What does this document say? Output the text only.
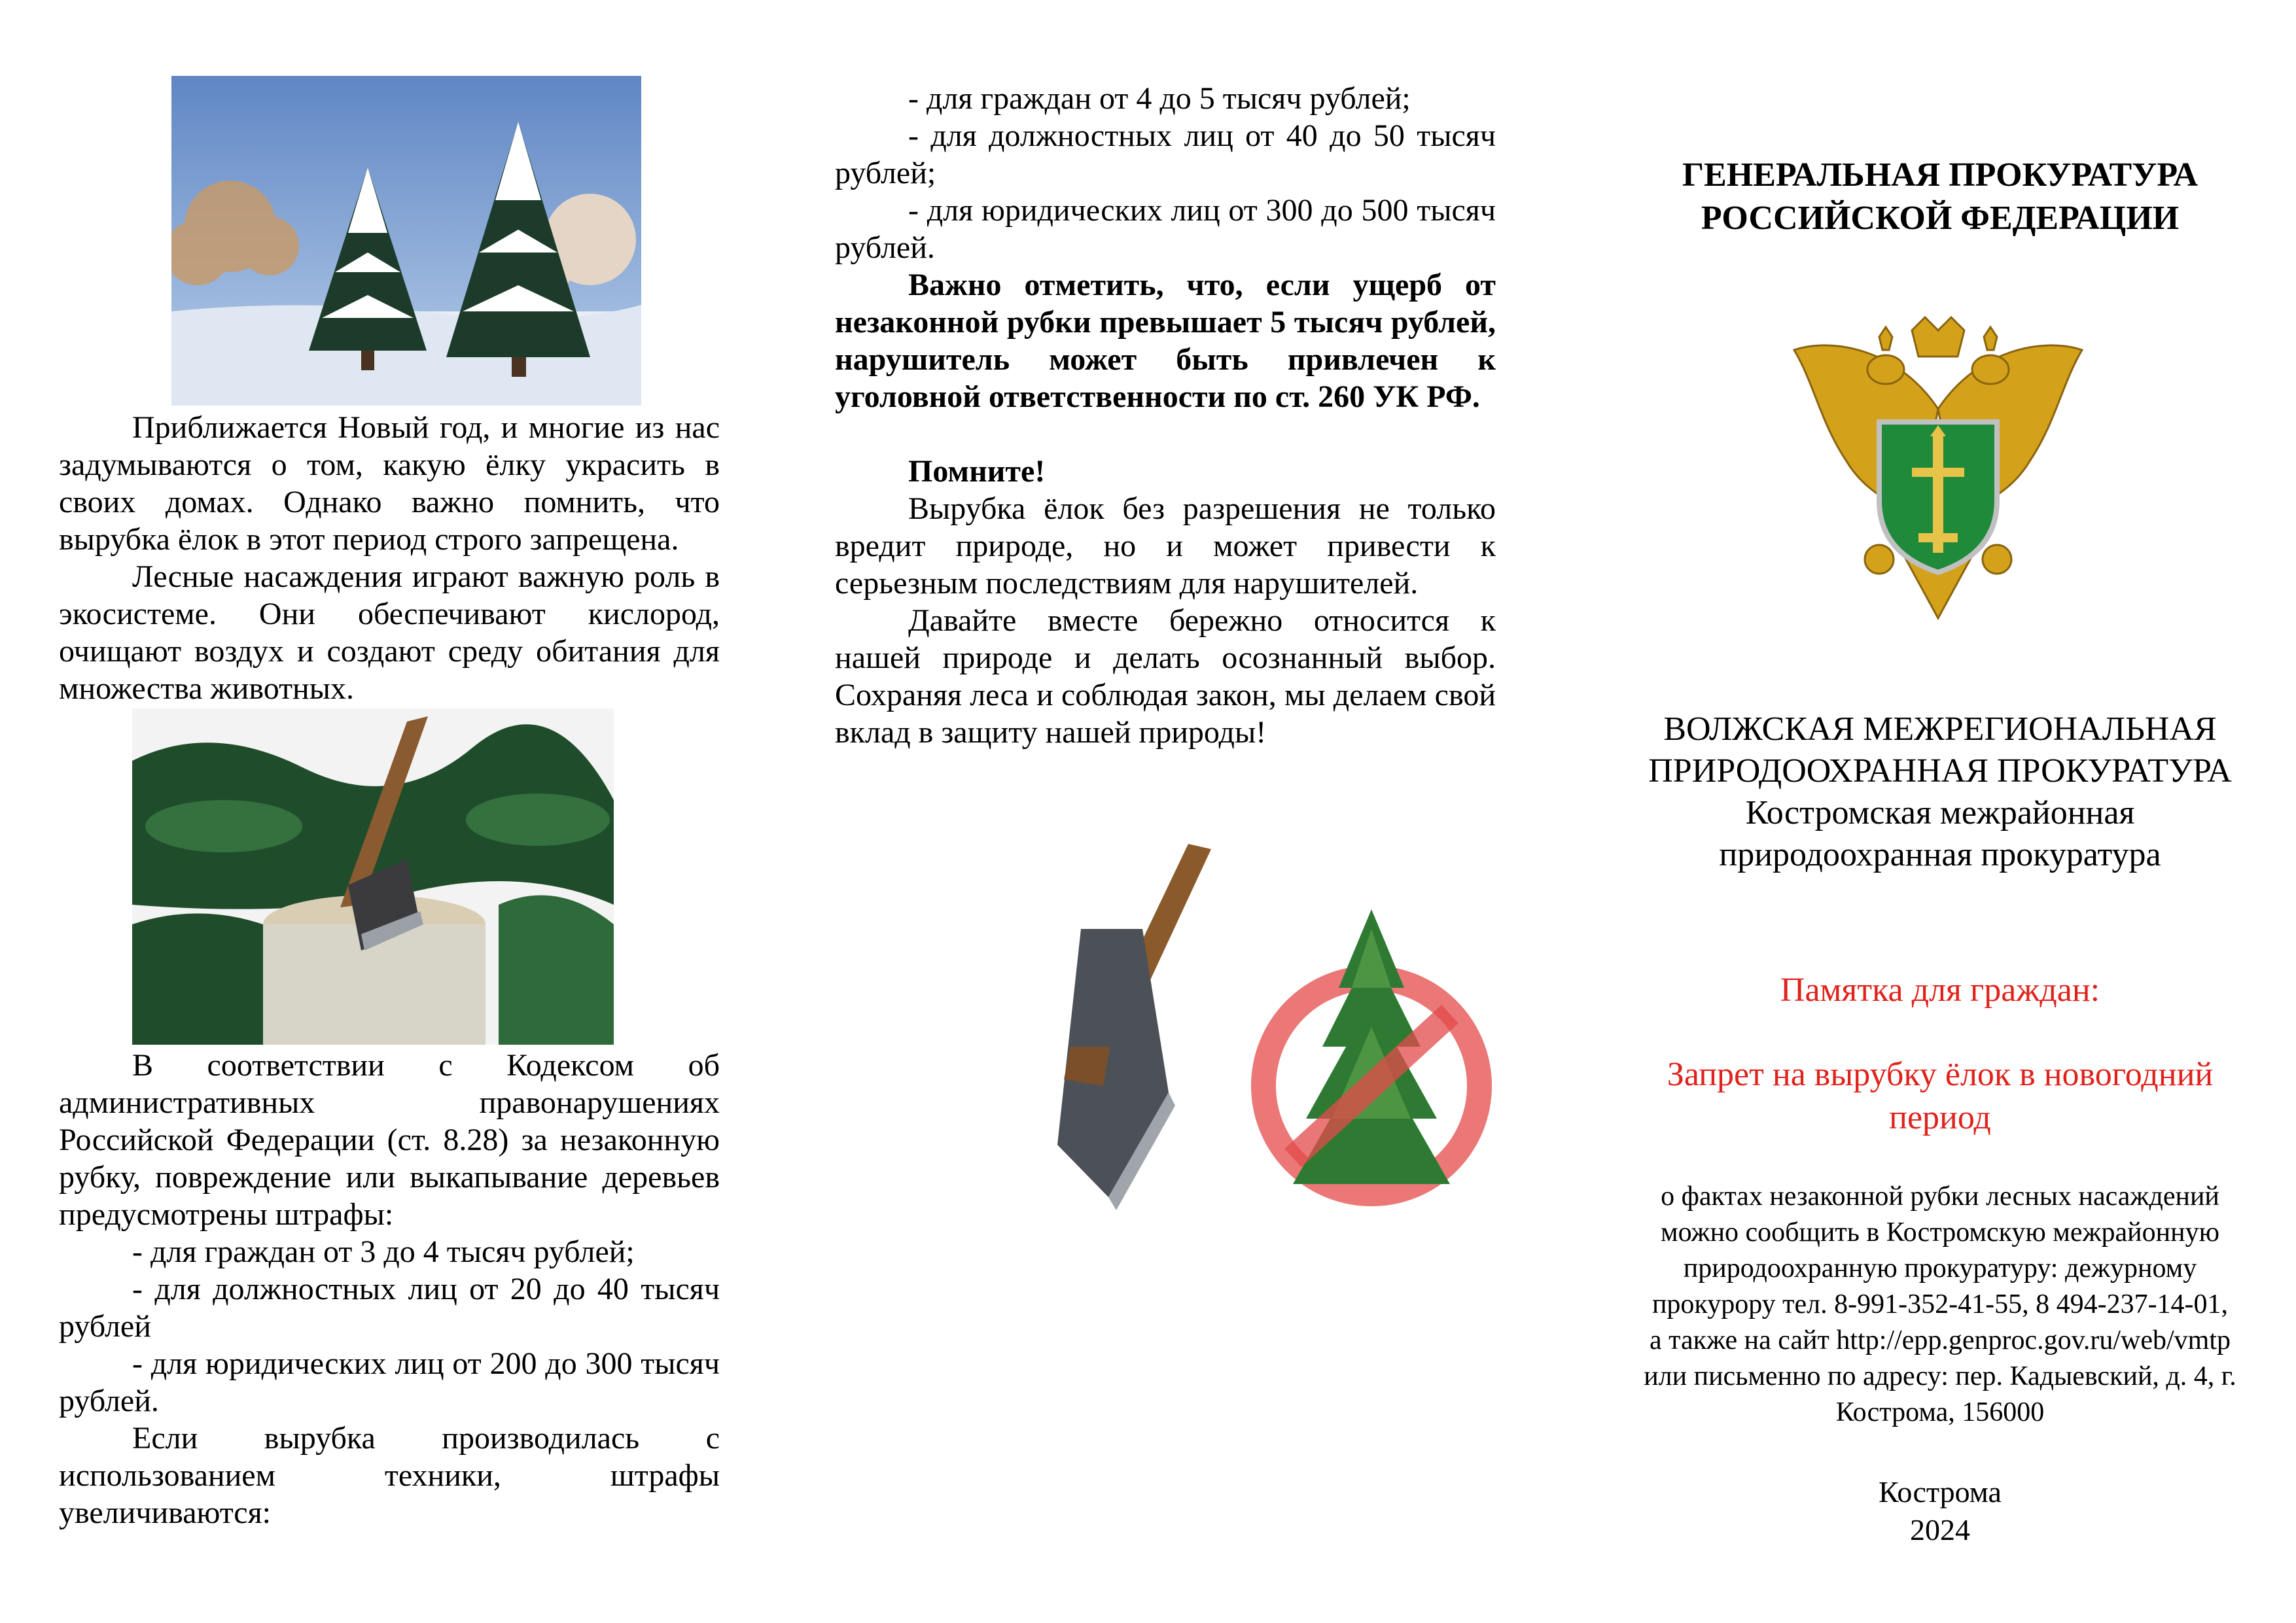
Приближается Новый год, и многие из нас задумываются о том, какую ёлку украсить в своих домах. Однако важно помнить, что вырубка ёлок в этот период строго запрещена.

Лесные насаждения играют важную роль в экосистеме. Они обеспечивают кислород, очищают воздух и создают среду обитания для множества животных.

В соответствии с Кодексом об административных правонарушениях Российской Федерации (ст. 8.28) за незаконную рубку, повреждение или выкапывание деревьев предусмотрены штрафы:

- для граждан от 3 до 4 тысяч рублей;

- для должностных лиц от 20 до 40 тысяч рублей

- для юридических лиц от 200 до 300 тысяч рублей.

Если вырубка производилась с использованием техники, штрафы увеличиваются:

- для граждан от 4 до 5 тысяч рублей;

- для должностных лиц от 40 до 50 тысяч рублей;

- для юридических лиц от 300 до 500 тысяч рублей.

Важно отметить, что, если ущерб от незаконной рубки превышает 5 тысяч рублей, нарушитель может быть привлечен к уголовной ответственности по ст. 260 УК РФ.

Помните!

Вырубка ёлок без разрешения не только вредит природе, но и может привести к серьезным последствиям для нарушителей.

Давайте вместе бережно относится к нашей природе и делать осознанный выбор. Сохраняя леса и соблюдая закон, мы делаем свой вклад в защиту нашей природы!

ГЕНЕРАЛЬНАЯ ПРОКУРАТУРА
РОССИЙСКОЙ ФЕДЕРАЦИИ
ВОЛЖСКАЯ МЕЖРЕГИОНАЛЬНАЯ
ПРИРОДООХРАННАЯ ПРОКУРАТУРА
Костромская межрайонная
природоохранная прокуратура
Памятка для граждан:
Запрет на вырубку ёлок в новогодний
период
о фактах незаконной рубки лесных насаждений
можно сообщить в Костромскую межрайонную
природоохранную прокуратуру: дежурному
прокурору тел. 8-991-352-41-55, 8 494-237-14-01,
а также на сайт http://epp.genproc.gov.ru/web/vmtp
или письменно по адресу: пер. Кадыевский, д. 4, г.
Кострома, 156000
Кострома
2024
